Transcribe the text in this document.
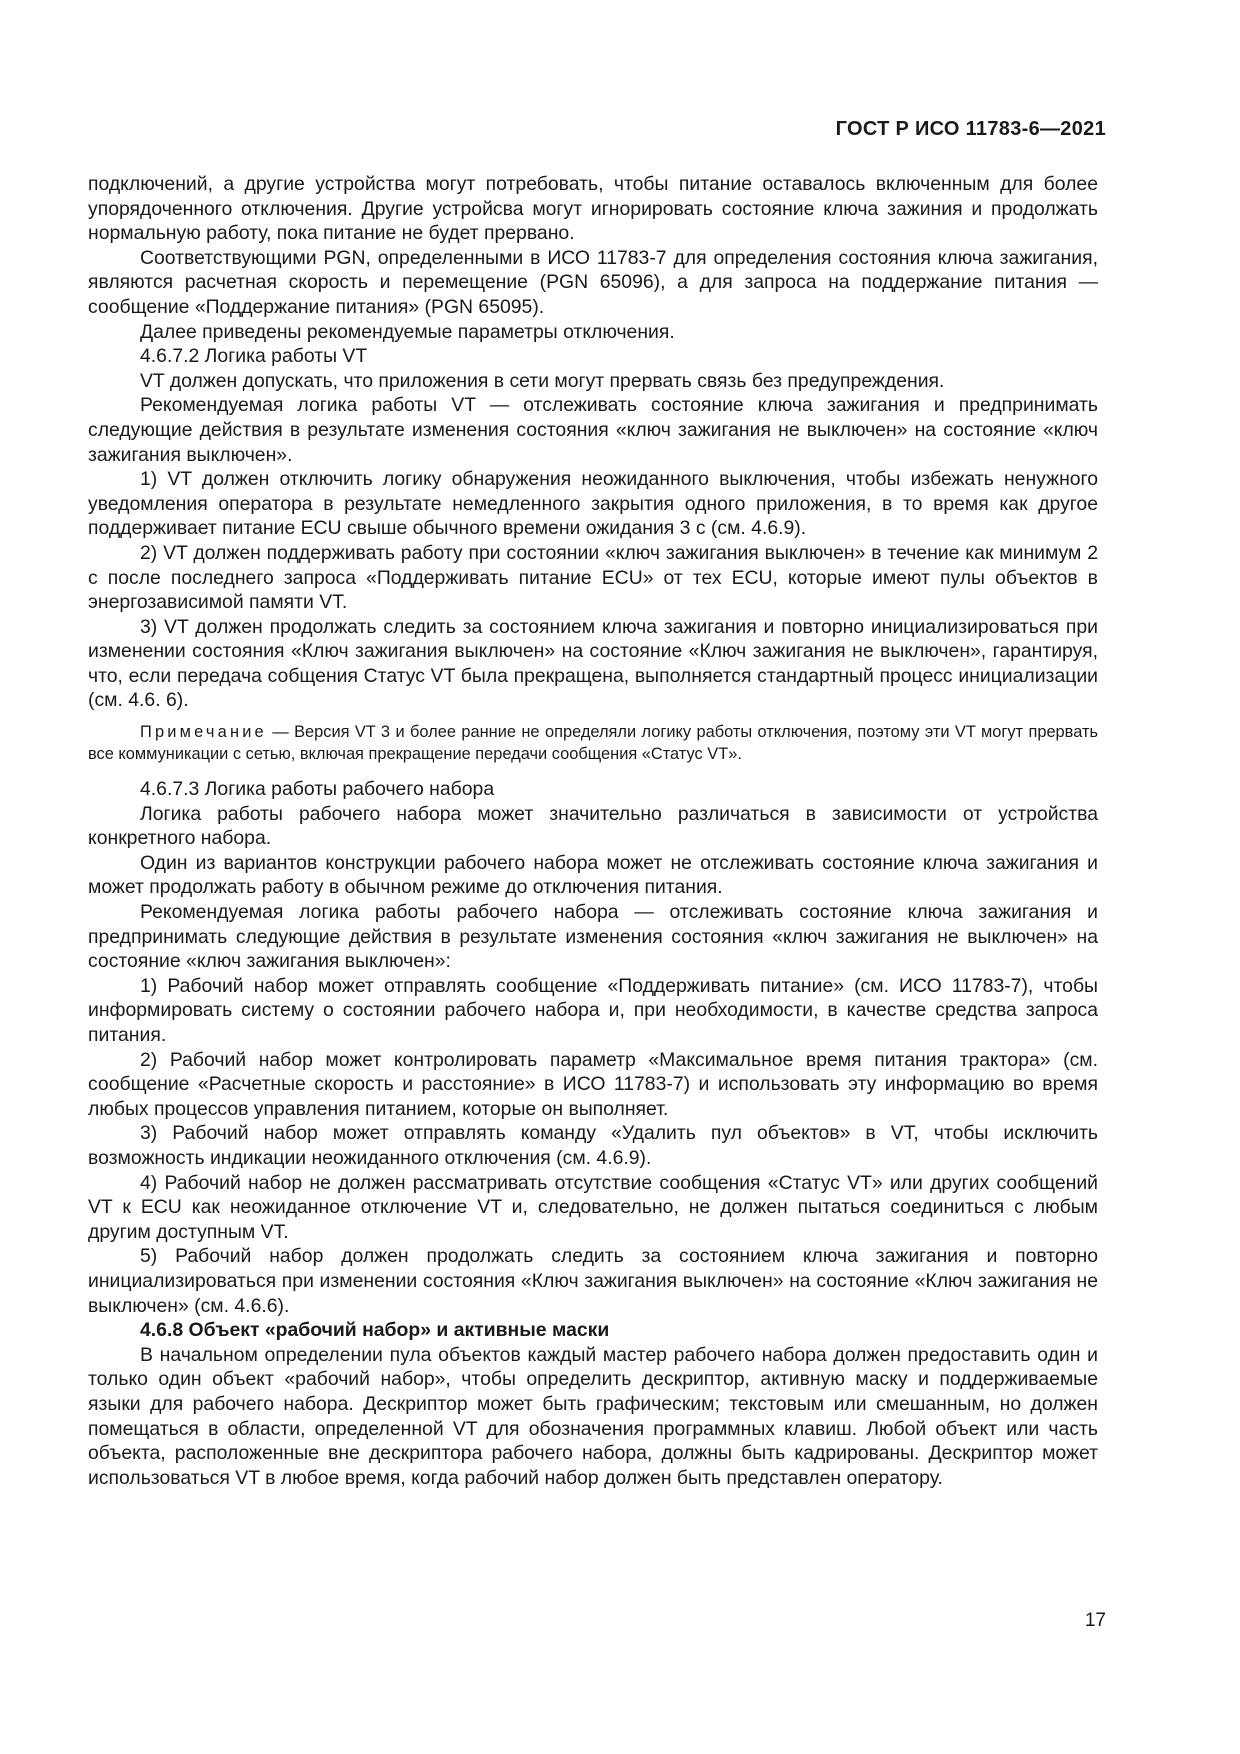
ГОСТ Р ИСО 11783-6—2021

подключений, а другие устройства могут потребовать, чтобы питание оставалось включенным для более упорядоченного отключения. Другие устройсва могут игнорировать состояние ключа зажиния и продолжать нормальную работу, пока питание не будет прервано.

Соответствующими PGN, определенными в ИСО 11783-7 для определения состояния ключа зажигания, являются расчетная скорость и перемещение (PGN 65096), а для запроса на поддержание питания — сообщение «Поддержание питания» (PGN 65095).

Далее приведены рекомендуемые параметры отключения.

4.6.7.2 Логика работы VT

VT должен допускать, что приложения в сети могут прервать связь без предупреждения.

Рекомендуемая логика работы VT — отслеживать состояние ключа зажигания и предпринимать следующие действия в результате изменения состояния «ключ зажигания не выключен» на состояние «ключ зажигания выключен».

1) VT должен отключить логику обнаружения неожиданного выключения, чтобы избежать ненужного уведомления оператора в результате немедленного закрытия одного приложения, в то время как другое поддерживает питание ECU свыше обычного времени ожидания 3 с (см. 4.6.9).

2) VT должен поддерживать работу при состоянии «ключ зажигания выключен» в течение как минимум 2 с после последнего запроса «Поддерживать питание ECU» от тех ECU, которые имеют пулы объектов в энергозависимой памяти VT.

3) VT должен продолжать следить за состоянием ключа зажигания и повторно инициализироваться при изменении состояния «Ключ зажигания выключен» на состояние «Ключ зажигания не выключен», гарантируя, что, если передача собщения Статус VT была прекращена, выполняется стандартный процесс инициализации (см. 4.6. 6).

Примечание — Версия VT 3 и более ранние не определяли логику работы отключения, поэтому эти VT могут прервать все коммуникации с сетью, включая прекращение передачи сообщения «Статус VT».

4.6.7.3 Логика работы рабочего набора

Логика работы рабочего набора может значительно различаться в зависимости от устройства конкретного набора.

Один из вариантов конструкции рабочего набора может не отслеживать состояние ключа зажигания и может продолжать работу в обычном режиме до отключения питания.

Рекомендуемая логика работы рабочего набора — отслеживать состояние ключа зажигания и предпринимать следующие действия в результате изменения состояния «ключ зажигания не выключен» на состояние «ключ зажигания выключен»:

1) Рабочий набор может отправлять сообщение «Поддерживать питание» (см. ИСО 11783-7), чтобы информировать систему о состоянии рабочего набора и, при необходимости, в качестве средства запроса питания.

2) Рабочий набор может контролировать параметр «Максимальное время питания трактора» (см. сообщение «Расчетные скорость и расстояние» в ИСО 11783-7) и использовать эту информацию во время любых процессов управления питанием, которые он выполняет.

3) Рабочий набор может отправлять команду «Удалить пул объектов» в VT, чтобы исключить возможность индикации неожиданного отключения (см. 4.6.9).

4) Рабочий набор не должен рассматривать отсутствие сообщения «Статус VT» или других сообщений VT к ECU как неожиданное отключение VT и, следовательно, не должен пытаться соединиться с любым другим доступным VT.

5) Рабочий набор должен продолжать следить за состоянием ключа зажигания и повторно инициализироваться при изменении состояния «Ключ зажигания выключен» на состояние «Ключ зажигания не выключен» (см. 4.6.6).

4.6.8 Объект «рабочий набор» и активные маски

В начальном определении пула объектов каждый мастер рабочего набора должен предоставить один и только один объект «рабочий набор», чтобы определить дескриптор, активную маску и поддерживаемые языки для рабочего набора. Дескриптор может быть графическим; текстовым или смешанным, но должен помещаться в области, определенной VT для обозначения программных клавиш. Любой объект или часть объекта, расположенные вне дескриптора рабочего набора, должны быть кадрированы. Дескриптор может использоваться VT в любое время, когда рабочий набор должен быть представлен оператору.

17
